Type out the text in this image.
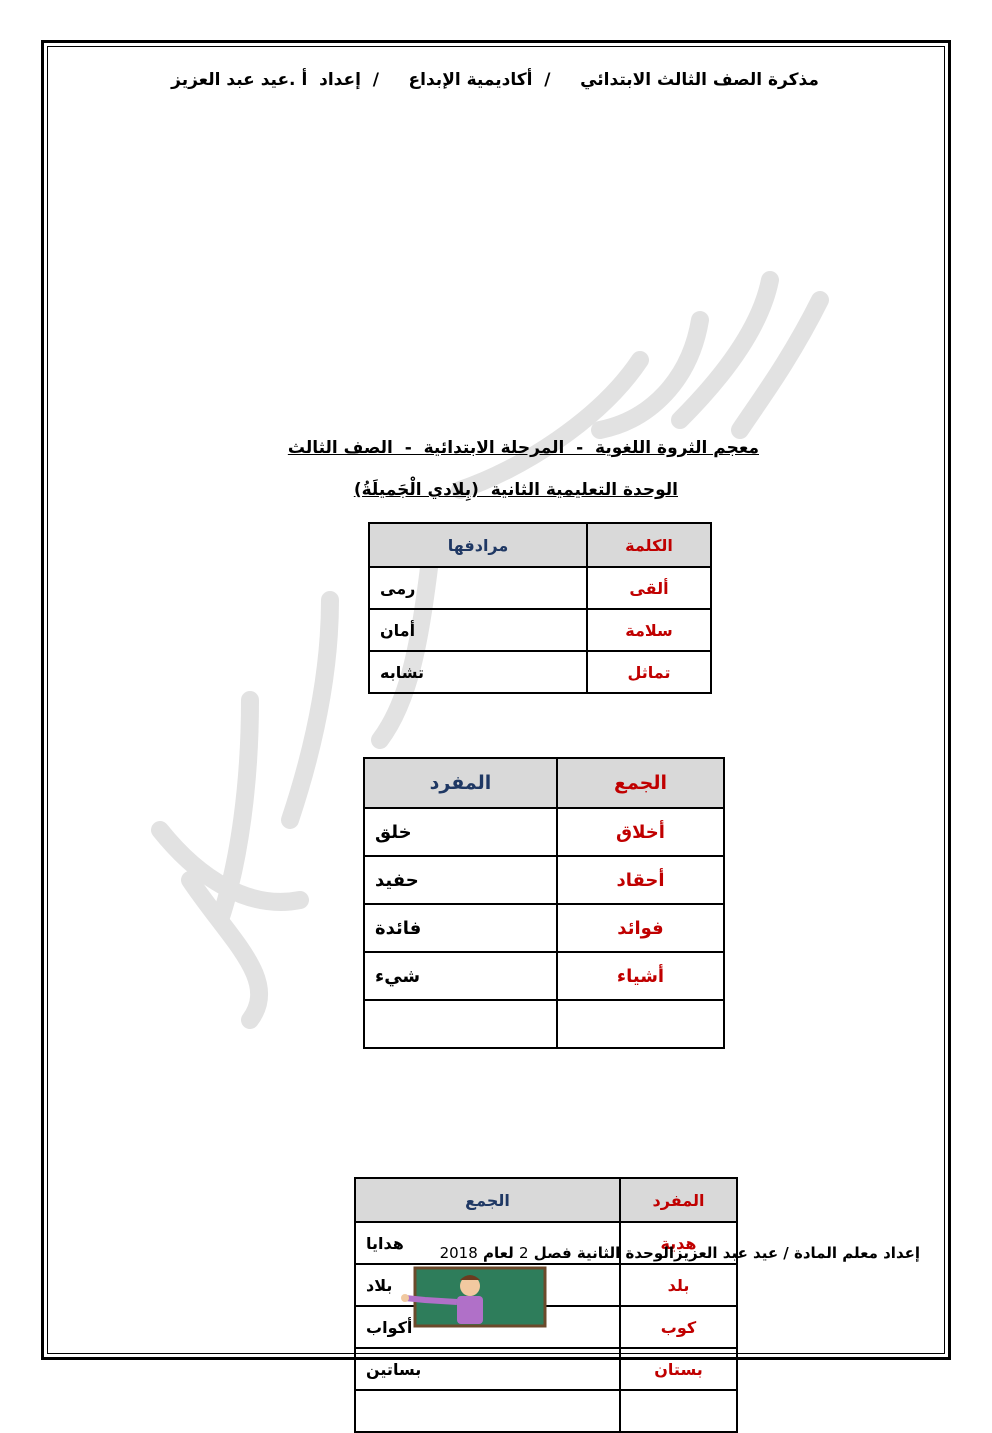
مذكرة الصف الثالث الابتدائي     /  أكاديمية الإبداع     /  إعداد  أ .عيد عبد العزيز
معجم الثروة اللغوية  -  المرحلة الابتدائية  -  الصف الثالث
الوحدة التعليمية الثانية  (بِلادي الْجَميلَةُ)
الكلمة	مرادفها
ألقى	رمى
سلامة	أمان
تماثل	تشابه
الجمع	المفرد
أخلاق	خلق
أحقاد	حفيد
فوائد	فائدة
أشياء	شيء

المفرد	الجمع
هدية	هدايا
بلد	بلاد
كوب	أكواب
بستان	بساتين

إعداد معلم المادة / عيد عبد العزيزالوحدة الثانية فصل 2 لعام 2018
